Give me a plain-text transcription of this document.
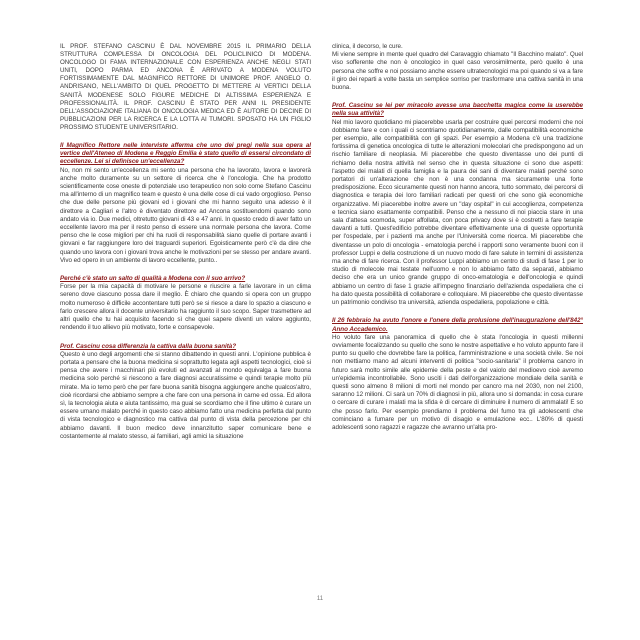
IL PROF. STEFANO CASCINU È DAL NOVEMBRE 2015 IL PRIMARIO DELLA STRUTTURA COMPLESSA DI ONCOLOGIA DEL POLICLINICO DI MODENA. ONCOLOGO DI FAMA INTERNAZIONALE CON ESPERIENZA ANCHE NEGLI STATI UNITI, DOPO PARMA ED ANCONA È ARRIVATO A MODENA VOLUTO FORTISSIMAMENTE DAL MAGNIFICO RETTORE DI UNIMORE PROF. ANGELO O. ANDRISANO, NELL'AMBITO DI QUEL PROGETTO DI METTERE AI VERTICI DELLA SANITÀ MODENESE SOLO FIGURE MEDICHE DI ALTISSIMA ESPERIENZA E PROFESSIONALITÀ. IL PROF. CASCINU È STATO PER ANNI IL PRESIDENTE DELL'ASSOCIAZIONE ITALIANA DI ONCOLOGIA MEDICA ED È AUTORE DI DECINE DI PUBBLICAZIONI PER LA RICERCA E LA LOTTA AI TUMORI. SPOSATO HA UN FIGLIO PROSSIMO STUDENTE UNIVERSITARIO.

Il Magnifico Rettore nelle interviste afferma che uno dei pregi nella sua opera al vertice dell'Ateneo di Modena e Reggio Emilia è stato quello di essersi circondato di eccellenze. Lei si definisce un'eccellenza?

No, non mi sento un'eccellenza mi sento una persona che ha lavorato, lavora e lavorerà anche molto duramente su un settore di ricerca che è l'oncologia. Che ha prodotto scientificamente cose oneste di potenziale uso terapeutico non solo come Stefano Cascinu ma all'interno di un magnifico team e questo è una delle cose di cui vado orgoglioso. Penso che due delle persone più giovani ed i giovani che mi hanno seguito una adesso è il direttore a Cagliari e l'altro è diventato direttore ad Ancona sostituendomi quando sono andato via io. Due medici, oltretutto giovani di 43 e 47 anni. In questo credo di aver fatto un eccellente lavoro ma per il resto penso di essere una normale persona che lavora. Come penso che le cose migliori per chi ha ruoli di responsabilità siano quelle di portare avanti i giovani e far raggiungere loro dei traguardi superiori. Egoisticamente però c'è da dire che quando uno lavora con i giovani trova anche le motivazioni per se stesso per andare avanti. Vivo ed opero in un ambiente di lavoro eccellente, punto..

Perché c'è stato un salto di qualità a Modena con il suo arrivo?

Forse per la mia capacità di motivare le persone e riuscire a farle lavorare in un clima sereno dove ciascuno possa dare il meglio. È chiaro che quando si opera con un gruppo molto numeroso è difficile accontentare tutti però se si riesce a dare lo spazio a ciascuno e farlo crescere allora il docente universitario ha raggiunto il suo scopo. Saper trasmettere ad altri quello che tu hai acquisito facendo sì che quei sapere diventi un valore aggiunto, rendendo il tuo allievo più motivato, forte e consapevole.

Prof. Cascinu cosa differenzia la cattiva dalla buona sanità?

Questo è uno degli argomenti che si stanno dibattendo in questi anni. L'opinione pubblica è portata a pensare che la buona medicina si soprattutto legata agli aspetti tecnologici, cioè si pensa che avere i macchinari più evoluti ed avanzati al mondo equivalga a fare buona medicina solo perché si riescono a fare diagnosi accuratissime e quindi terapie molto più mirate. Ma io temo però che per fare buona sanità bisogna aggiungere anche qualcos'altro, cioè ricordarsi che abbiamo sempre a che fare con una persona in carne ed ossa. Ed allora sì, la tecnologia aiuta e aiuta tantissimo, ma guai se scordiamo che il fine ultimo è curare un essere umano malato perché in questo caso abbiamo fatto una medicina perfetta dal punto di vista tecnologico e diagnostico ma cattiva dal punto di vista della percezione per chi abbiamo davanti. Il buon medico deve innanzitutto saper comunicare bene e costantemente al malato stesso, ai familiari, agli amici la situazione

clinica, il decorso, le cure.
Mi viene sempre in mente quel quadro del Caravaggio chiamato "Il Bacchino malato". Quel viso sofferente che non è oncologico in quel caso verosimilmente, però quello è una persona che soffre e noi possiamo anche essere ultratecnologici ma poi quando si va a fare il giro dei reparti a volte basta un semplice sorriso per trasformare una cattiva sanità in una buona.

Prof. Cascinu se lei per miracolo avesse una bacchetta magica come la userebbe nella sua attività?

Nel mio lavoro quotidiano mi piacerebbe usarla per costruire quei percorsi moderni che noi dobbiamo fare e con i quali ci scontriamo quotidianamente, dalle compatibilità economiche per esempio, alle compatibilità con gli spazi. Per esempio a Modena c'è una tradizione fortissima di genetica oncologica di tutte le alterazioni molecolari che predispongono ad un rischio familiare di neoplasia. Mi piacerebbe che questo diventasse uno dei punti di richiamo della nostra attività nel senso che in questa situazione ci sono due aspetti: l'aspetto dei malati di quella famiglia e la paura dei sani di diventare malati perché sono portatori di un'alterazione che non è una condanna ma sicuramente una forte predisposizione. Ecco sicuramente questi non hanno ancora, tutto sommato, dei percorsi di diagnostica e terapia dei loro familiari radicati per questi ori che sono già economiche organizzative. Mi piacerebbe inoltre avere un "day ospital" in cui accoglienza, competenza e tecnica siano esattamente compatibili. Penso che a nessuno di noi piaccia stare in una sala d'attesa scomoda, super affollata, con poca privacy dove si è costretti a fare terapie davanti a tutti. Quest'edificio potrebbe diventare effettivamente una di queste opportunità per l'ospedale, per i pazienti ma anche per l'Università come ricerca. Mi piacerebbe che diventasse un polo di oncologia - ematologia perché i rapporti sono veramente buoni con il professor Luppi e della costruzione di un nuovo modo di fare salute in termini di assistenza ma anche di fare ricerca. Con il professor Luppi abbiamo un centro di studi di fase 1 per lo studio di molecole mai testate nell'uomo e non lo abbiamo fatto da separati, abbiamo deciso che era un unico grande gruppo di onco-ematologia e dell'oncologia e quindi abbiamo un centro di fase 1 grazie all'impegno finanziario dell'azienda ospedaliera che ci ha dato questa possibilità di collaborare e colloquiare. Mi piacerebbe che questo diventasse un patrimonio condiviso tra università, azienda ospedaliera, popolazione e città.

Il 26 febbraio ha avuto l'onore e l'onere della prolusione dell'inaugurazione dell'842° Anno Accademico.

Ho voluto fare una panoramica di quello che è stata l'oncologia in questi millenni ovviamente focalizzando su quello che sono le nostre aspettative e ho voluto appunto fare il punto su quello che dovrebbe fare la politica, l'amministrazione e una società civile. Se noi non mettiamo mano ad alcuni interventi di politica "socio-sanitaria" il problema cancro in futuro sarà molto simile alle epidemie della peste e del vaiolo del medioevo cioè avremo un'epidemia incontrollabile. Sono usciti i dati dell'organizzazione mondiale della sanità e questi sono almeno 8 milioni di morti nel mondo per cancro ma nel 2030, non nel 2100, saranno 12 milioni. Ci sarà un 70% di diagnosi in più, allora uno si domanda: in cosa curare o cercare di curare i malati ma la sfida è di cercare di diminuire il numero di ammalati! E so che posso farlo. Per esempio prendiamo il problema del fumo tra gli adolescenti che cominciano a fumare per un motivo di disagio e emulazione ecc.. L'80% di questi adolescenti sono ragazzi e ragazze che avranno un'alta pro-

11
